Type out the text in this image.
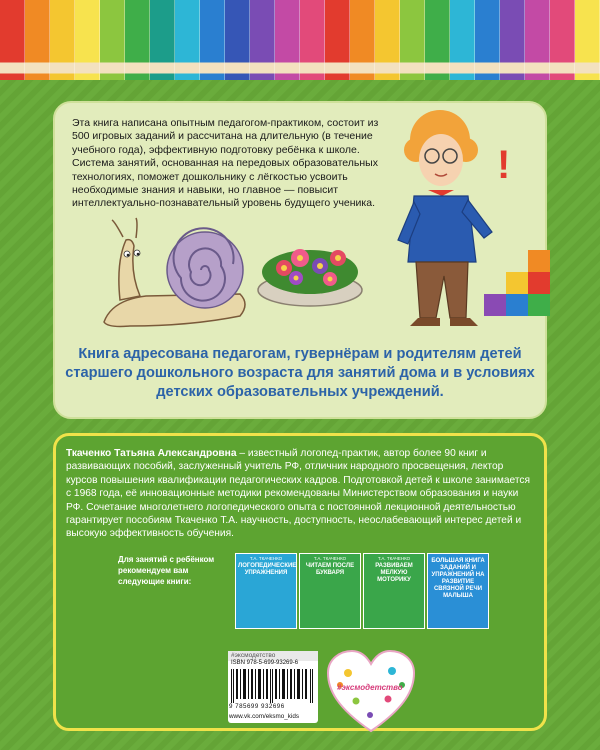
Эта книга написана опытным педагогом-практиком, состоит из 500 игровых заданий и рассчитана на длительную (в течение учебного года), эффективную подготовку ребёнка к школе. Система занятий, основанная на передовых образовательных технологиях, поможет дошкольнику с лёгкостью усвоить необходимые знания и навыки, но главное — повысит интеллектуально-познавательный уровень будущего ученика.

!

Книга адресована педагогам, гувернёрам и родителям детей старшего дошкольного возраста для занятий дома и в условиях детских образовательных учреждений.

Ткаченко Татьяна Александровна – известный логопед-практик, автор более 90 книг и развивающих пособий, заслуженный учитель РФ, отличник народного просвещения, лектор курсов повышения квалификации педагогических кадров. Подготовкой детей к школе занимается с 1968 года, её инновационные методики рекомендованы Министерством образования и науки РФ. Сочетание многолетнего логопедического опыта с постоянной лекционной деятельностью гарантирует пособиям Ткаченко Т.А. научность, доступность, неослабевающий интерес детей и высокую эффективность обучения.

Для занятий с ребёнком
рекомендуем вам
следующие книги:
Т.А. ТКАЧЕНКО
ЛОГОПЕДИЧЕСКИЕ УПРАЖНЕНИЯ
Т.А. ТКАЧЕНКО
ЧИТАЕМ ПОСЛЕ БУКВАРЯ
Т.А. ТКАЧЕНКО
РАЗВИВАЕМ МЕЛКУЮ МОТОРИКУ
БОЛЬШАЯ КНИГА ЗАДАНИЙ И УПРАЖНЕНИЙ НА РАЗВИТИЕ СВЯЗНОЙ РЕЧИ МАЛЫША
#эксмодетство
ISBN 978-5-699-93269-6
9 785699 932696
www.vk.com/eksmo_kids
#эксмодетство
